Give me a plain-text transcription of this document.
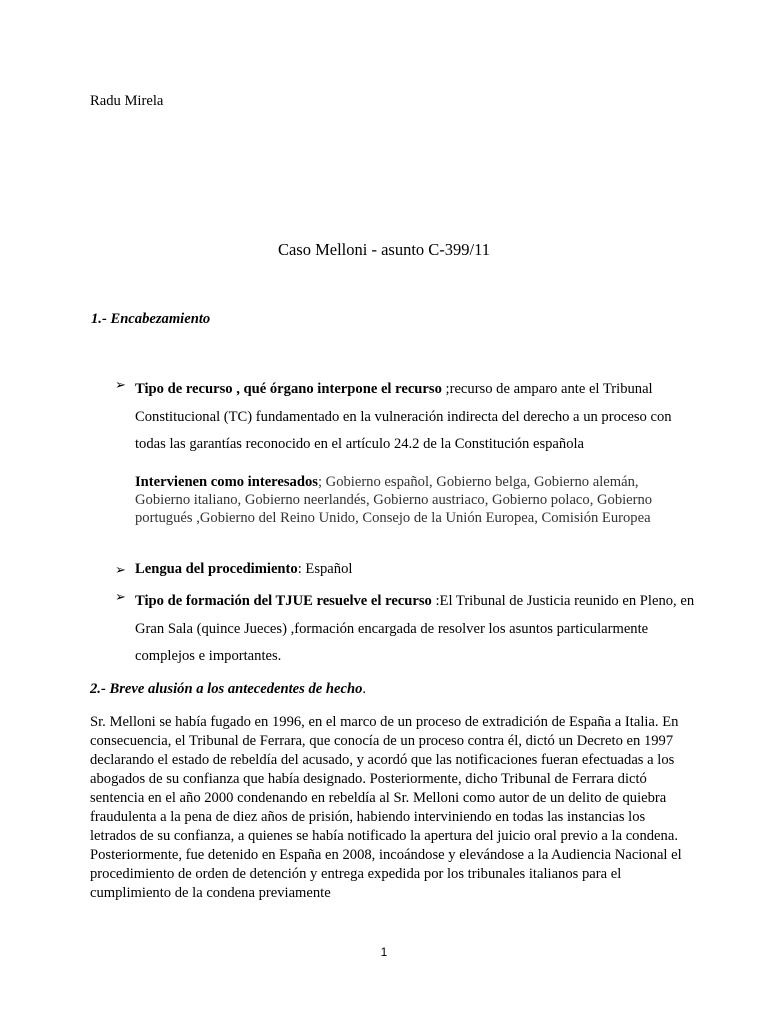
Radu Mirela
Caso Melloni - asunto C-399/11
1.- Encabezamiento
➢ Tipo de recurso , qué órgano interpone el recurso ;recurso de amparo ante el Tribunal Constitucional (TC) fundamentado en la vulneración indirecta del derecho a un proceso con todas las garantías reconocido en el artículo 24.2 de la Constitución española
Intervienen como interesados; Gobierno español, Gobierno belga, Gobierno alemán, Gobierno italiano, Gobierno neerlandés, Gobierno austriaco, Gobierno polaco, Gobierno portugués ,Gobierno del Reino Unido, Consejo de la Unión Europea, Comisión Europea
➢ Lengua del procedimiento: Español
➢ Tipo de formación del TJUE resuelve el recurso :El Tribunal de Justicia reunido en Pleno, en Gran Sala (quince Jueces) ,formación encargada de resolver los asuntos particularmente complejos e importantes.
2.- Breve alusión a los antecedentes de hecho.
Sr. Melloni se había fugado en 1996, en el marco de un proceso de extradición de España a Italia. En consecuencia, el Tribunal de Ferrara, que conocía de un proceso contra él, dictó un Decreto en 1997 declarando el estado de rebeldía del acusado, y acordó que las notificaciones fueran efectuadas a los abogados de su confianza que había designado. Posteriormente, dicho Tribunal de Ferrara dictó sentencia en el año 2000 condenando en rebeldía al Sr. Melloni como autor de un delito de quiebra fraudulenta a la pena de diez años de prisión, habiendo interviniendo en todas las instancias los letrados de su confianza, a quienes se había notificado la apertura del juicio oral previo a la condena. Posteriormente, fue detenido en España en 2008, incoándose y elevándose a la Audiencia Nacional el procedimiento de orden de detención y entrega expedida por los tribunales italianos para el cumplimiento de la condena previamente
1
